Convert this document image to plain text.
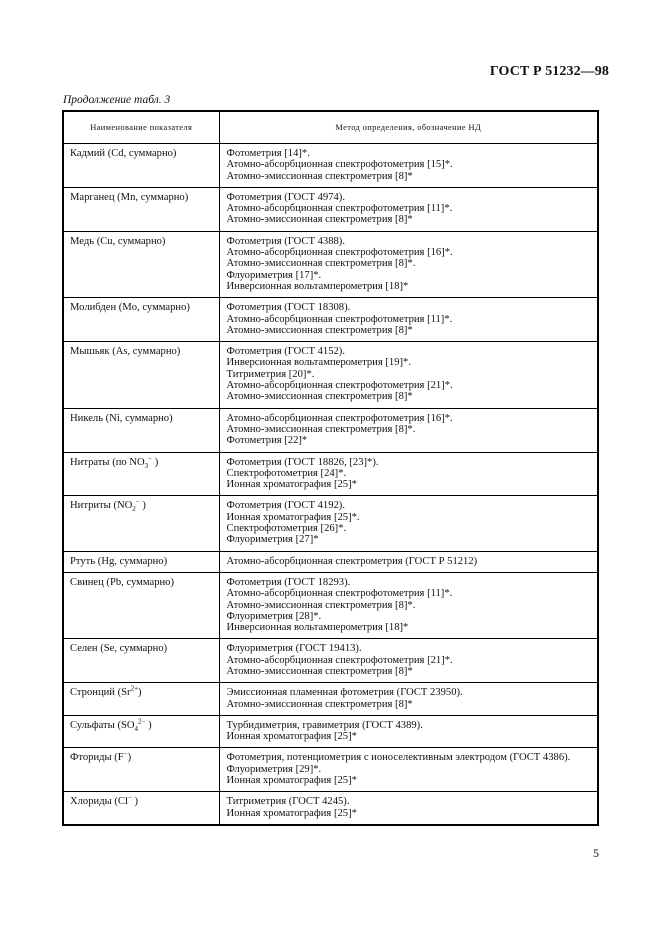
ГОСТ Р 51232—98
Продолжение табл. 3
Наименование показателя	Метод определения, обозначение НД
Кадмий (Cd, суммарно)	Фотометрия [14]*.
Атомно-абсорбционная спектрофотометрия [15]*.
Атомно-эмиссионная спектрометрия [8]*

Марганец (Mn, суммарно)	Фотометрия (ГОСТ 4974).
Атомно-абсорбционная спектрофотометрия [11]*.
Атомно-эмиссионная спектрометрия [8]*

Медь (Cu, суммарно)	Фотометрия (ГОСТ 4388).
Атомно-абсорбционная спектрофотометрия [16]*.
Атомно-эмиссионная спектрометрия [8]*.
Флуориметрия [17]*.
Инверсионная вольтамперометрия [18]*

Молибден (Mo, суммарно)	Фотометрия (ГОСТ 18308).
Атомно-абсорбционная спектрофотометрия [11]*.
Атомно-эмиссионная спектрометрия [8]*

Мышьяк (As, суммарно)	Фотометрия (ГОСТ 4152).
Инверсионная вольтамперометрия [19]*.
Титриметрия [20]*.
Атомно-абсорбционная спектрофотометрия [21]*.
Атомно-эмиссионная спектрометрия [8]*

Никель (Ni, суммарно)	Атомно-абсорбционная спектрофотометрия [16]*.
Атомно-эмиссионная спектрометрия [8]*.
Фотометрия [22]*

Нитраты (по $NO_3^-$ )	Фотометрия (ГОСТ 18826, [23]*).
Спектрофотометрия [24]*.
Ионная хроматография [25]*

Нитриты ($NO_2^-$ )	Фотометрия (ГОСТ 4192).
Ионная хроматография [25]*.
Спектрофотометрия [26]*.
Флуориметрия [27]*

Ртуть (Hg, суммарно)	Атомно-абсорбционная спектрометрия (ГОСТ Р 51212)

Свинец (Pb, суммарно)	Фотометрия (ГОСТ 18293).
Атомно-абсорбционная спектрофотометрия [11]*.
Атомно-эмиссионная спектрометрия [8]*.
Флуориметрия [28]*.
Инверсионная вольтамперометрия [18]*

Селен (Se, суммарно)	Флуориметрия (ГОСТ 19413).
Атомно-абсорбционная спектрофотометрия [21]*.
Атомно-эмиссионная спектрометрия [8]*

Стронций $(Sr^{2+})$	Эмиссионная пламенная фотометрия (ГОСТ 23950).
Атомно-эмиссионная спектрометрия [8]*

Сульфаты ($SO_4^{2-}$ )	Турбидиметрия, гравиметрия (ГОСТ 4389).
Ионная хроматография [25]*

Фториды (F−)	Фотометрия, потенциометрия с ионоселективным электродом (ГОСТ 4386).
Флуориметрия [29]*.
Ионная хроматография [25]*

Хлориды (Cl− )	Титриметрия (ГОСТ 4245).
Ионная хроматография [25]*
5
